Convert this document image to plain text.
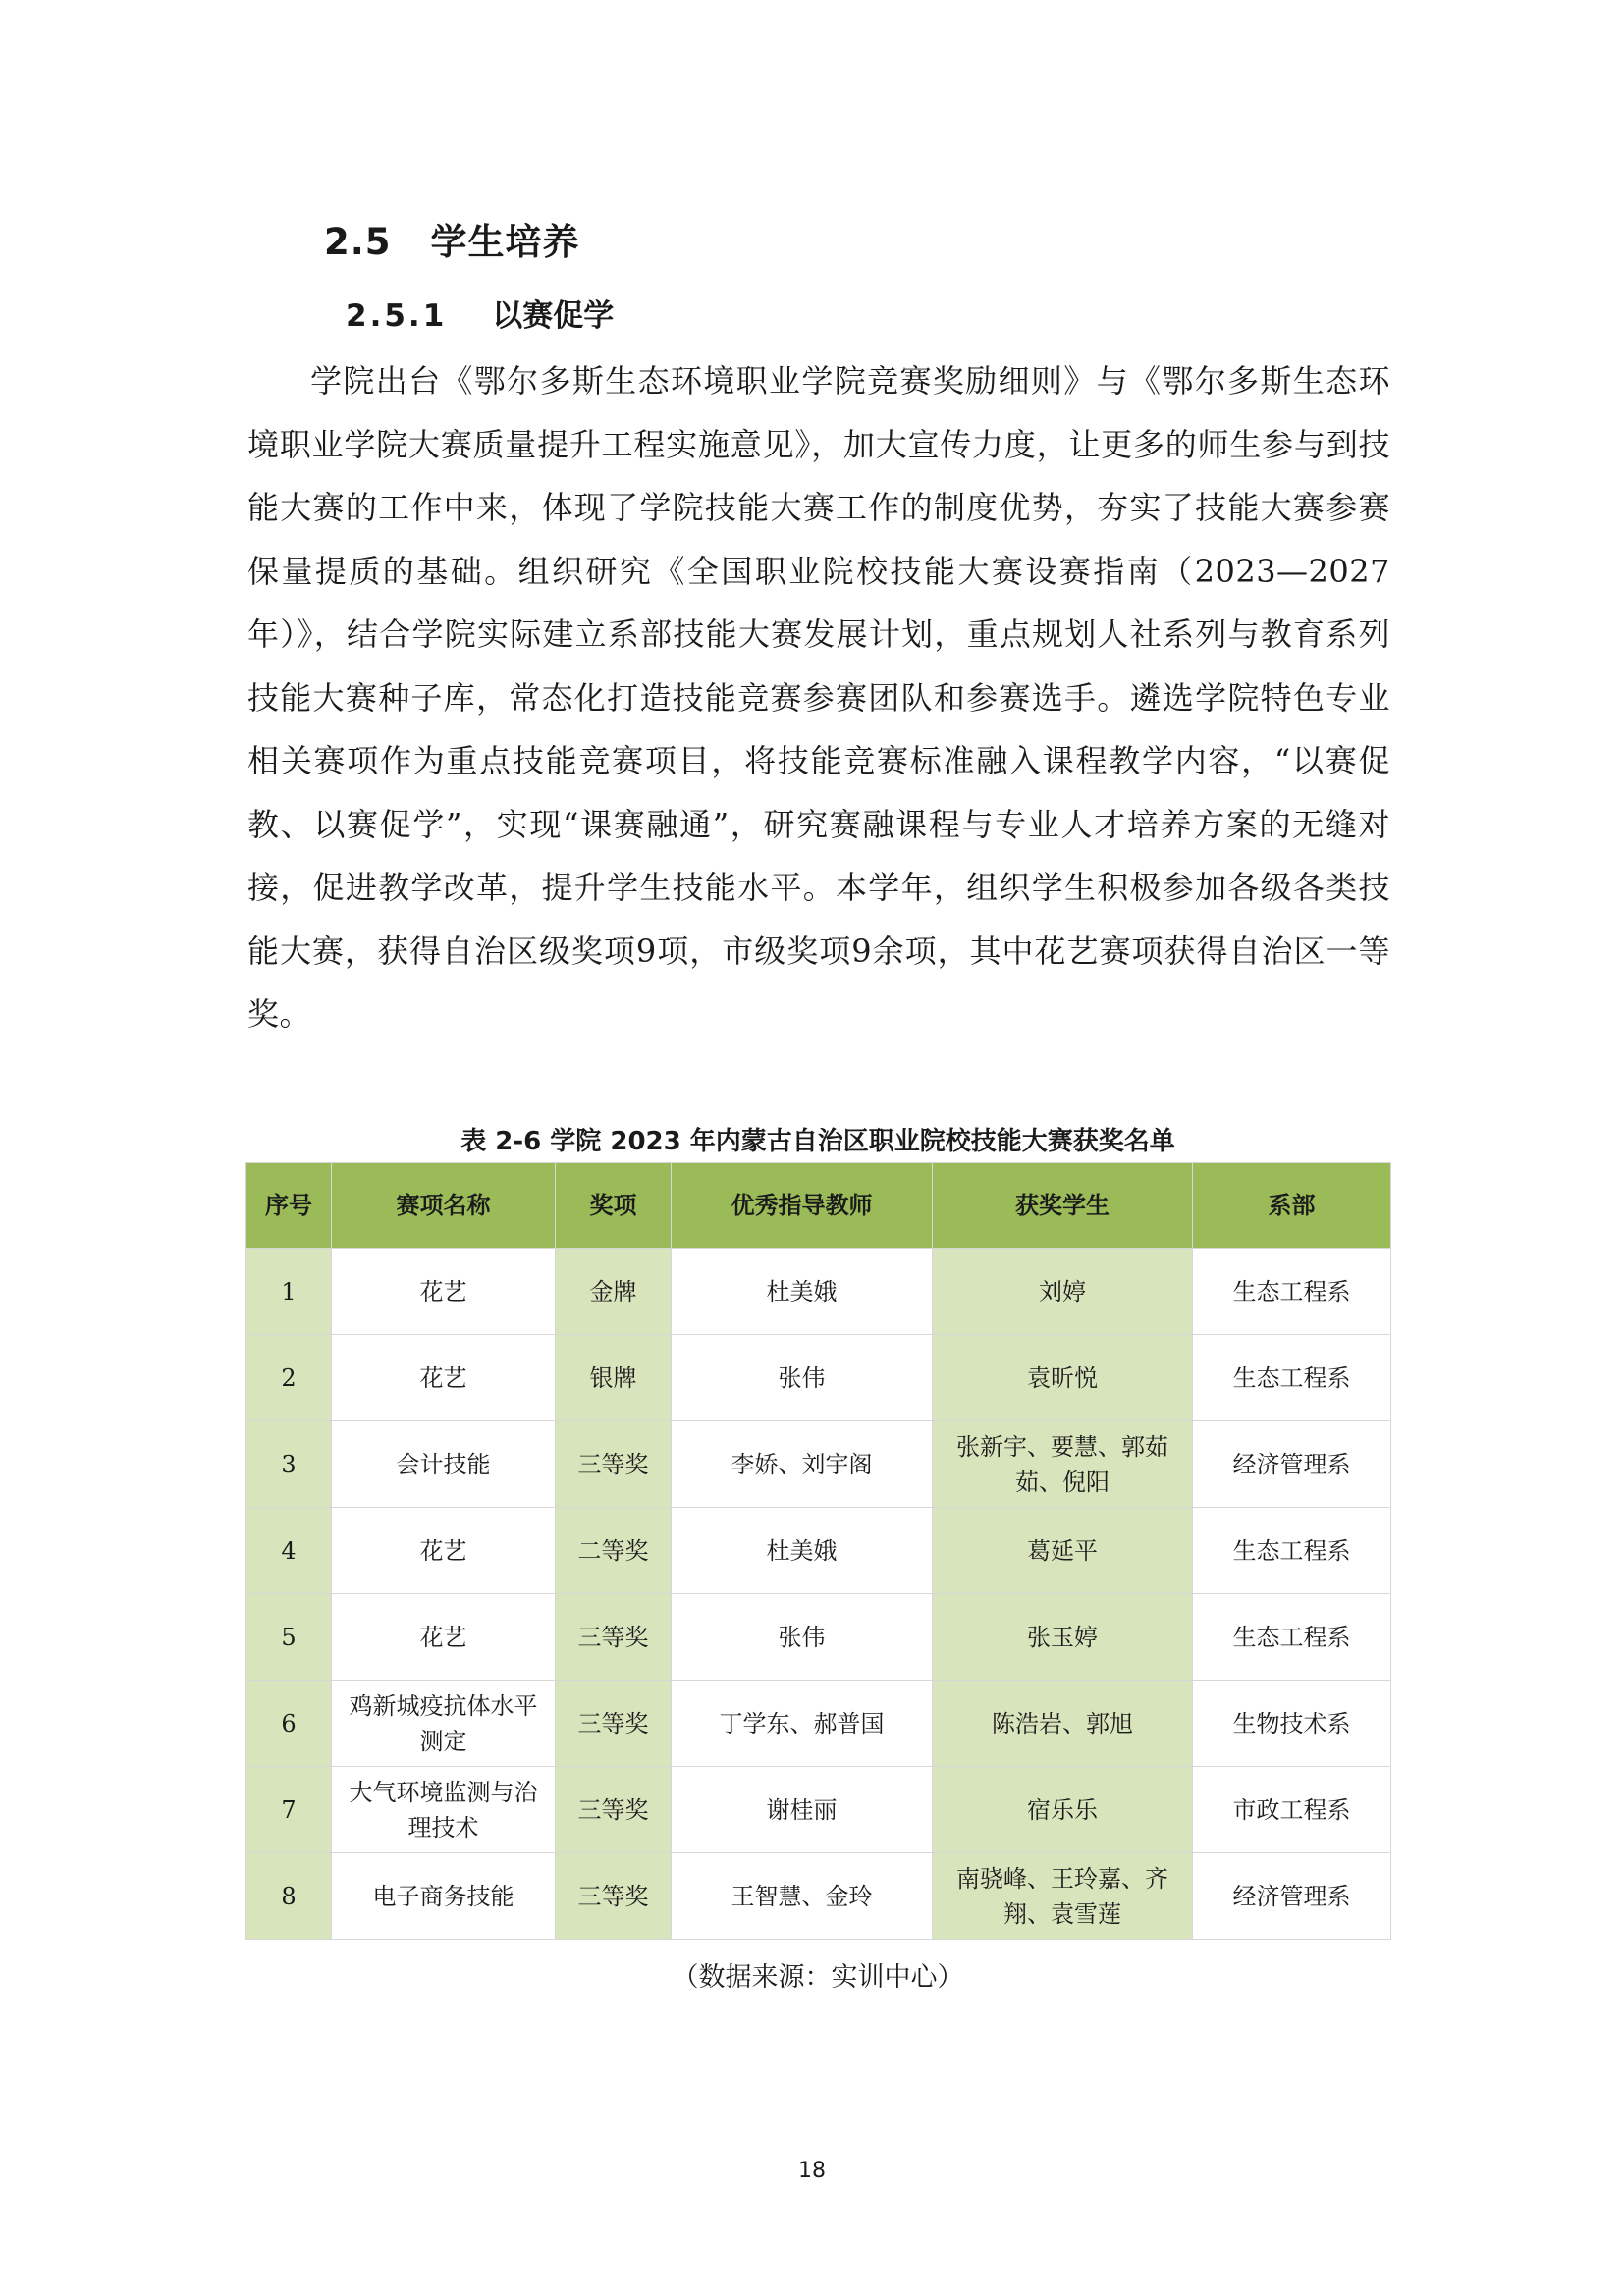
2.5 学生培养
2.5.1 以赛促学

学院出台《鄂尔多斯生态环境职业学院竞赛奖励细则》与《鄂尔多斯生态环境职业学院大赛质量提升工程实施意见》，加大宣传力度，让更多的师生参与到技能大赛的工作中来，体现了学院技能大赛工作的制度优势，夯实了技能大赛参赛保量提质的基础。组织研究《全国职业院校技能大赛设赛指南（2023—2027年）》，结合学院实际建立系部技能大赛发展计划，重点规划人社系列与教育系列技能大赛种子库，常态化打造技能竞赛参赛团队和参赛选手。遴选学院特色专业相关赛项作为重点技能竞赛项目，将技能竞赛标准融入课程教学内容，“以赛促教、以赛促学”，实现“课赛融通”，研究赛融课程与专业人才培养方案的无缝对接，促进教学改革，提升学生技能水平。本学年，组织学生积极参加各级各类技能大赛，获得自治区级奖项9项，市级奖项9余项，其中花艺赛项获得自治区一等奖。

表 2-6 学院 2023 年内蒙古自治区职业院校技能大赛获奖名单
序号	赛项名称	奖项	优秀指导教师	获奖学生	系部
1	花艺	金牌	杜美娥	刘婷	生态工程系
2	花艺	银牌	张伟	袁昕悦	生态工程系
3	会计技能	三等奖	李娇、刘宇阁	张新宇、要慧、郭茹茹、倪阳	经济管理系
4	花艺	二等奖	杜美娥	葛延平	生态工程系
5	花艺	三等奖	张伟	张玉婷	生态工程系
6	鸡新城疫抗体水平测定	三等奖	丁学东、郝普国	陈浩岩、郭旭	生物技术系
7	大气环境监测与治理技术	三等奖	谢桂丽	宿乐乐	市政工程系
8	电子商务技能	三等奖	王智慧、金玲	南骁峰、王玲嘉、齐翔、袁雪莲	经济管理系
（数据来源：实训中心）
18
